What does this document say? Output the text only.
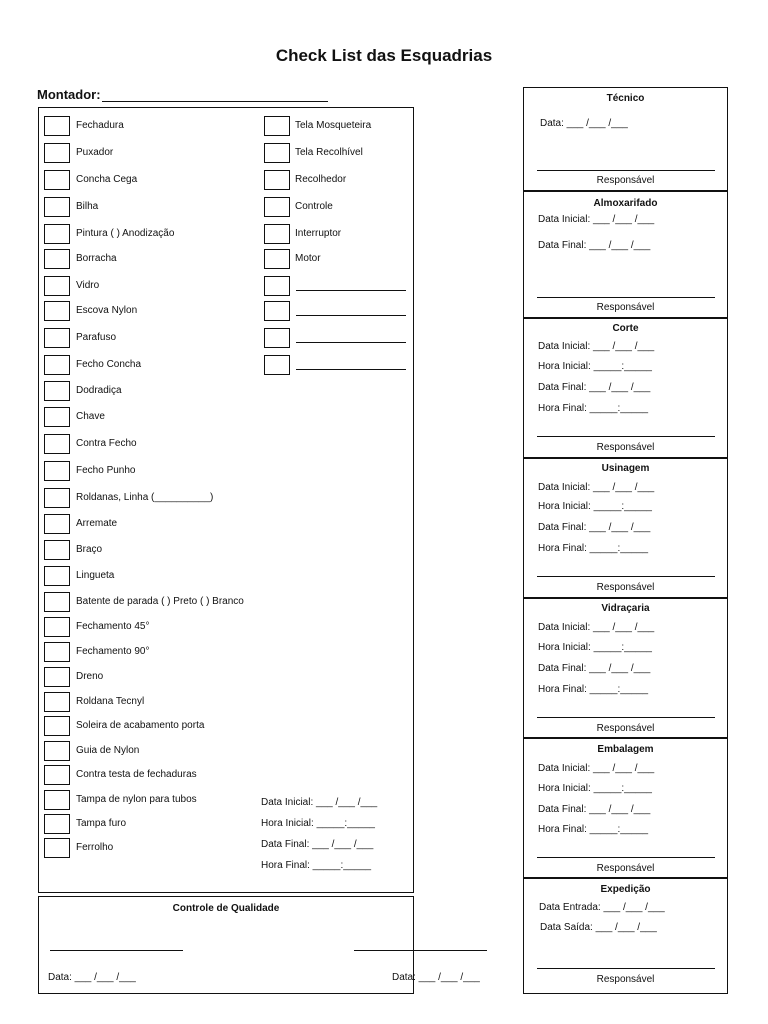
Check List das Esquadrias
Montador:
Fechadura
Puxador
Concha Cega
Bilha
Pintura ( ) Anodização
Borracha
Vidro
Escova Nylon
Parafuso
Fecho Concha
Dodradiça
Chave
Contra Fecho
Fecho Punho
Roldanas, Linha (__________)
Arremate
Braço
Lingueta
Batente de parada ( ) Preto ( ) Branco
Fechamento 45°
Fechamento 90°
Dreno
Roldana Tecnyl
Soleira de acabamento porta
Guia de Nylon
Contra testa de fechaduras
Tampa de nylon para tubos
Tampa furo
Ferrolho
Tela Mosqueteira
Tela Recolhível
Recolhedor
Controle
Interruptor
Motor
Data Inicial: ___ /___ /___
Hora Inicial: _____:_____
Data Final: ___ /___ /___
Hora Final: _____:_____
Controle de Qualidade
Data: ___ /___ /___	Data: ___ /___ /___
Técnico
Data: ___ /___ /___
Responsável
Almoxarifado
Data Inicial: ___ /___ /___
Data Final: ___ /___ /___
Responsável
Corte
Data Inicial: ___ /___ /___
Hora Inicial: _____:_____
Data Final: ___ /___ /___
Hora Final: _____:_____
Responsável
Usinagem
Data Inicial: ___ /___ /___
Hora Inicial: _____:_____
Data Final: ___ /___ /___
Hora Final: _____:_____
Responsável
Vidraçaria
Data Inicial: ___ /___ /___
Hora Inicial: _____:_____
Data Final: ___ /___ /___
Hora Final: _____:_____
Responsável
Embalagem
Data Inicial: ___ /___ /___
Hora Inicial: _____:_____
Data Final: ___ /___ /___
Hora Final: _____:_____
Responsável
Expedição
Data Entrada: ___ /___ /___
Data Saída: ___ /___ /___
Responsável
